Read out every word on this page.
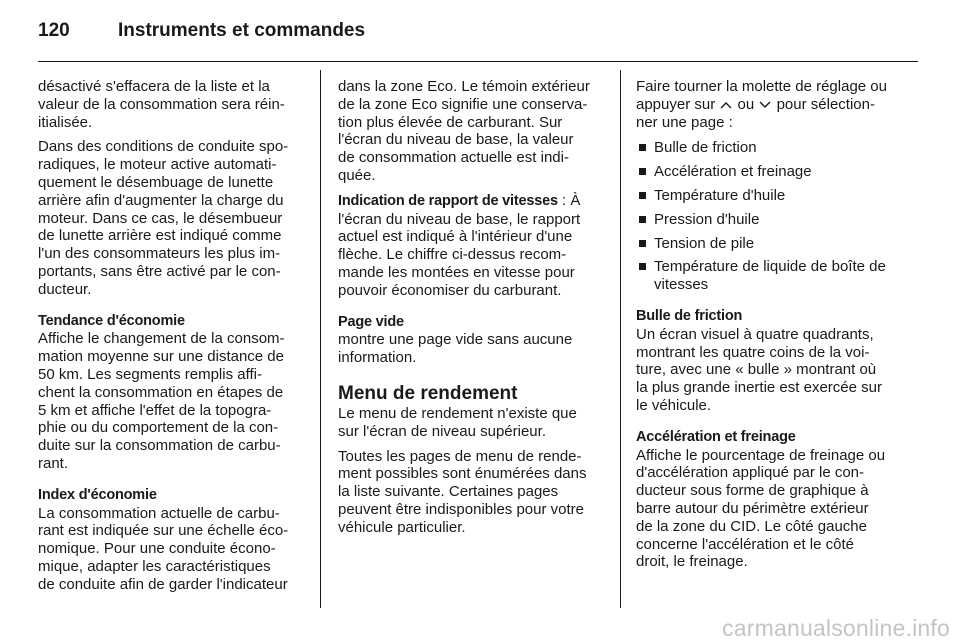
120	Instruments et commandes

désactivé s'effacera de la liste et la
valeur de la consommation sera réin-
itialisée.

Dans des conditions de conduite spo-
radiques, le moteur active automati-
quement le désembuage de lunette
arrière afin d'augmenter la charge du
moteur. Dans ce cas, le désembueur
de lunette arrière est indiqué comme
l'un des consommateurs les plus im-
portants, sans être activé par le con-
ducteur.

Tendance d'économie

Affiche le changement de la consom-
mation moyenne sur une distance de
50 km. Les segments remplis affi-
chent la consommation en étapes de
5 km et affiche l'effet de la topogra-
phie ou du comportement de la con-
duite sur la consommation de carbu-
rant.

Index d'économie

La consommation actuelle de carbu-
rant est indiquée sur une échelle éco-
nomique. Pour une conduite écono-
mique, adapter les caractéristiques
de conduite afin de garder l'indicateur

dans la zone Eco. Le témoin extérieur
de la zone Eco signifie une conserva-
tion plus élevée de carburant. Sur
l'écran du niveau de base, la valeur
de consommation actuelle est indi-
quée.

Indication de rapport de vitesses : À
l'écran du niveau de base, le rapport
actuel est indiqué à l'intérieur d'une
flèche. Le chiffre ci-dessus recom-
mande les montées en vitesse pour
pouvoir économiser du carburant.

Page vide

montre une page vide sans aucune
information.

Menu de rendement

Le menu de rendement n'existe que
sur l'écran de niveau supérieur.

Toutes les pages de menu de rende-
ment possibles sont énumérées dans
la liste suivante. Certaines pages
peuvent être indisponibles pour votre
véhicule particulier.

Faire tourner la molette de réglage ou
appuyer sur  ou  pour sélection-
ner une page :

Bulle de friction
Accélération et freinage
Température d'huile
Pression d'huile
Tension de pile
Température de liquide de boîte de
vitesses

Bulle de friction

Un écran visuel à quatre quadrants,
montrant les quatre coins de la voi-
ture, avec une « bulle » montrant où
la plus grande inertie est exercée sur
le véhicule.

Accélération et freinage

Affiche le pourcentage de freinage ou
d'accélération appliqué par le con-
ducteur sous forme de graphique à
barre autour du périmètre extérieur
de la zone du CID. Le côté gauche
concerne l'accélération et le côté
droit, le freinage.

carmanualsonline.info
